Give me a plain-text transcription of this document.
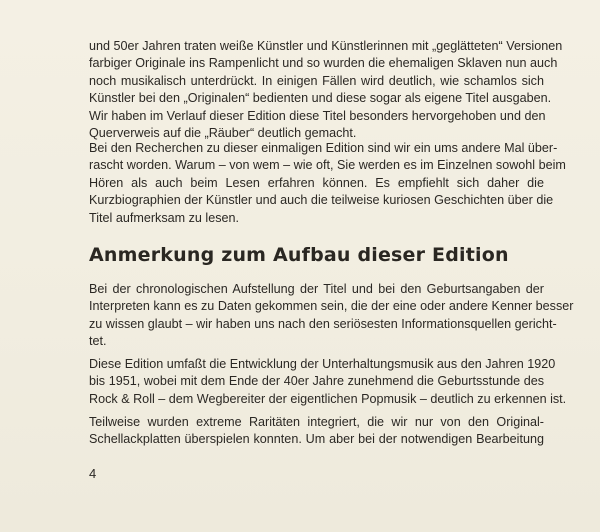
und 50er Jahren traten weiße Künstler und Künstlerinnen mit „geglätteten“ Versionen
farbiger Originale ins Rampenlicht und so wurden die ehemaligen Sklaven nun auch
noch musikalisch unterdrückt. In einigen Fällen wird deutlich, wie schamlos sich
Künstler bei den „Originalen“ bedienten und diese sogar als eigene Titel ausgaben.
Wir haben im Verlauf dieser Edition diese Titel besonders hervorgehoben und den
Querverweis auf die „Räuber“ deutlich gemacht.
Bei den Recherchen zu dieser einmaligen Edition sind wir ein ums andere Mal über-
rascht worden. Warum – von wem – wie oft, Sie werden es im Einzelnen sowohl beim
Hören als auch beim Lesen erfahren können. Es empfiehlt sich daher die
Kurzbiographien der Künstler und auch die teilweise kuriosen Geschichten über die
Titel aufmerksam zu lesen.
Anmerkung zum Aufbau dieser Edition
Bei der chronologischen Aufstellung der Titel und bei den Geburtsangaben der
Interpreten kann es zu Daten gekommen sein, die der eine oder andere Kenner besser
zu wissen glaubt – wir haben uns nach den seriösesten Informationsquellen gericht-
tet.
Diese Edition umfaßt die Entwicklung der Unterhaltungsmusik aus den Jahren 1920
bis 1951, wobei mit dem Ende der 40er Jahre zunehmend die Geburtsstunde des
Rock & Roll – dem Wegbereiter der eigentlichen Popmusik – deutlich zu erkennen ist.
Teilweise wurden extreme Raritäten integriert, die wir nur von den Original-
Schellackplatten überspielen konnten. Um aber bei der notwendigen Bearbeitung
4
